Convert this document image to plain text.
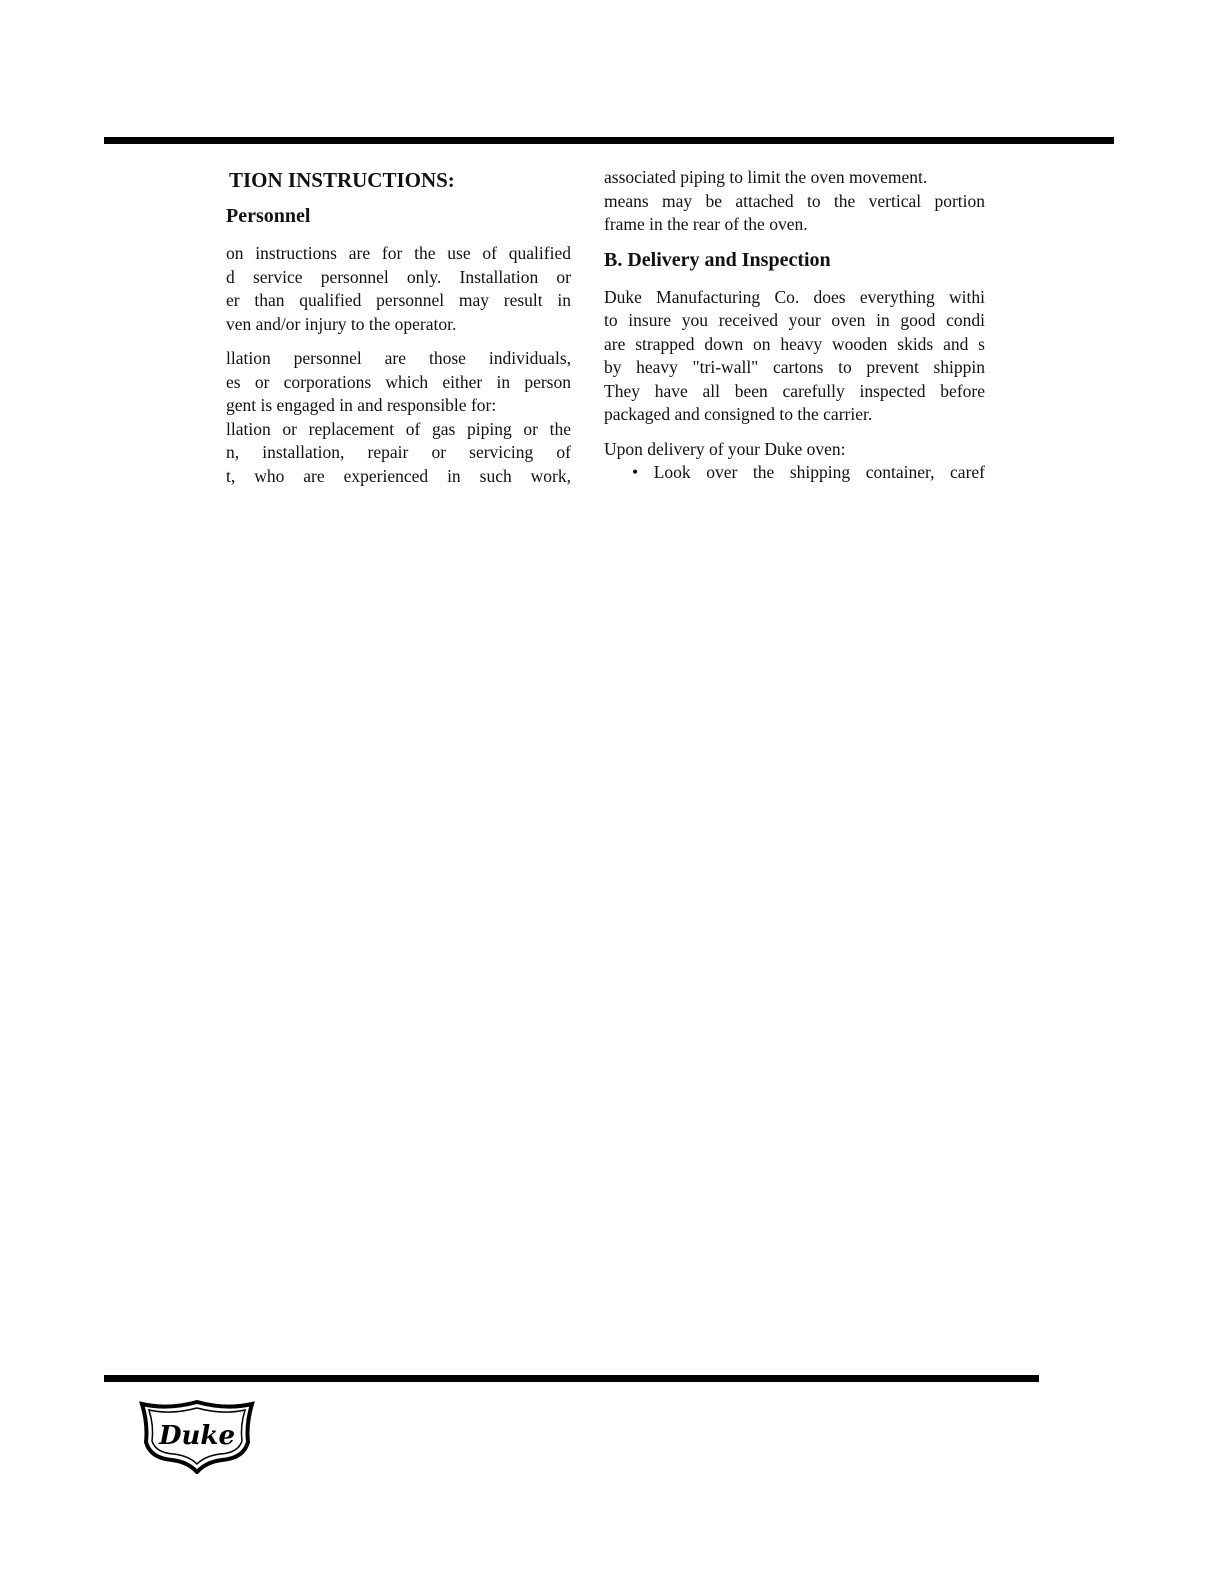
TION INSTRUCTIONS:
Personnel
on instructions are for the use of qualified
d service personnel only. Installation or
er than qualified personnel may result in
ven and/or injury to the operator.
llation personnel are those individuals,
es or corporations which either in person
gent is engaged in and responsible for:
llation or replacement of gas piping or the
n, installation, repair or servicing of
t, who are experienced in such work,
associated piping to limit the oven movement.
means may be attached to the vertical portion
frame in the rear of the oven.
B. Delivery and Inspection
Duke Manufacturing Co. does everything withi
to insure you received your oven in good condi
are strapped down on heavy wooden skids and s
by heavy "tri-wall" cartons to prevent shippin
They have all been carefully inspected before
packaged and consigned to the carrier.
Upon delivery of your Duke oven:
• Look over the shipping container, caref
Duke
